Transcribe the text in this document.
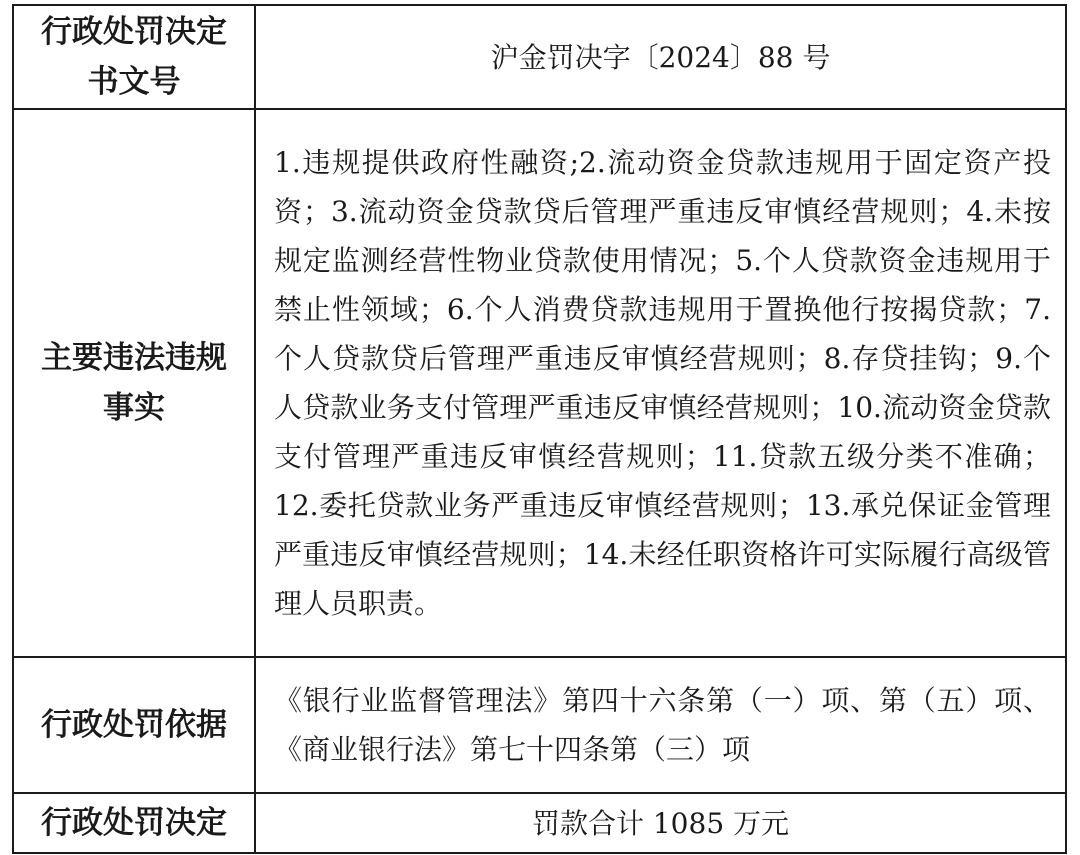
行政处罚决定书文号	沪金罚决字〔2024〕88 号
主要违法违规事实	1.违规提供政府性融资;2.流动资金贷款违规用于固定资产投资；3.流动资金贷款贷后管理严重违反审慎经营规则；4.未按规定监测经营性物业贷款使用情况；5.个人贷款资金违规用于禁止性领域；6.个人消费贷款违规用于置换他行按揭贷款；7.个人贷款贷后管理严重违反审慎经营规则；8.存贷挂钩；9.个人贷款业务支付管理严重违反审慎经营规则；10.流动资金贷款支付管理严重违反审慎经营规则；11.贷款五级分类不准确；12.委托贷款业务严重违反审慎经营规则；13.承兑保证金管理严重违反审慎经营规则；14.未经任职资格许可实际履行高级管理人员职责。
行政处罚依据	《银行业监督管理法》第四十六条第（一）项、第（五）项、《商业银行法》第七十四条第（三）项
行政处罚决定	罚款合计 1085 万元
